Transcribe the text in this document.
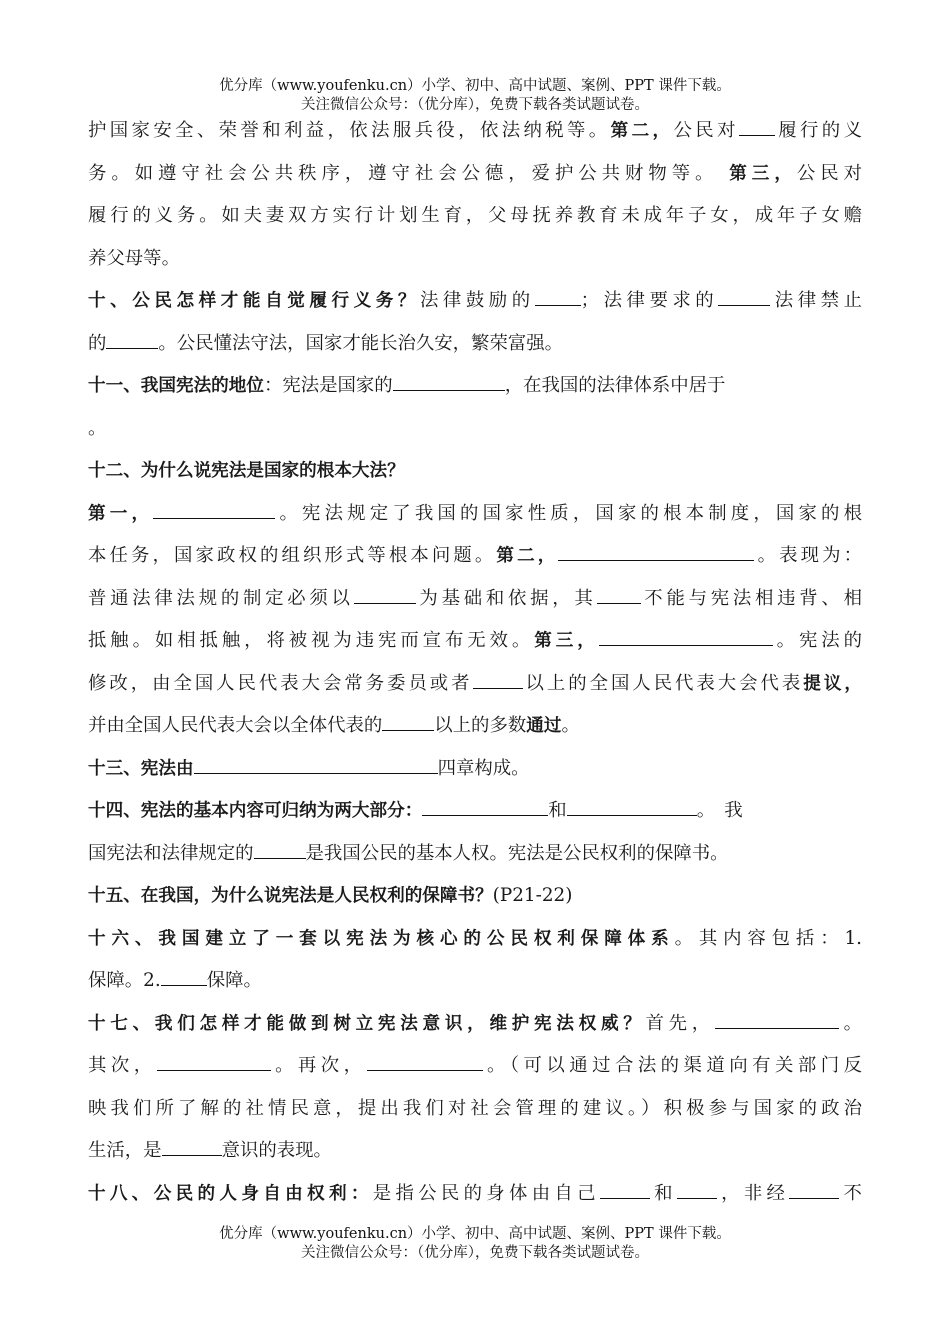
优分库（www.youfenku.cn）小学、初中、高中试题、案例、PPT 课件下载。
关注微信公众号：（优分库），免费下载各类试题试卷。
护国家安全、荣誉和利益，依法服兵役，依法纳税等。第二，公民对 履行的义
务。如遵守社会公共秩序，遵守社会公德，爱护公共财物等。 第三，公民对
履行的义务。如夫妻双方实行计划生育，父母抚养教育未成年子女，成年子女赡
养父母等。
十、公民怎样才能自觉履行义务？法律鼓励的	；法律要求的	法律禁止
的	。公民懂法守法，国家才能长治久安，繁荣富强。
十一、我国宪法的地位：宪法是国家的	，在我国的法律体系中居于
。
十二、为什么说宪法是国家的根本大法？
第一，	。宪法规定了我国的国家性质，国家的根本制度，国家的根
本任务，国家政权的组织形式等根本问题。第二，	。表现为：
普通法律法规的制定必须以	为基础和依据，其 不能与宪法相违背、相
抵触。如相抵触，将被视为违宪而宣布无效。第三，	。宪法的
修改，由全国人民代表大会常务委员或者	以上的全国人民代表大会代表提议，
并由全国人民代表大会以全体代表的	以上的多数通过。
十三、宪法由	四章构成。
十四、宪法的基本内容可归纳为两大部分：	和	。　我
国宪法和法律规定的	是我国公民的基本人权。宪法是公民权利的保障书。
十五、在我国，为什么说宪法是人民权利的保障书？(P21-22)
十六、我国建立了一套以宪法为核心的公民权利保障体系。其内容包括：1.
保障。2.	保障。
十七、我们怎样才能做到树立宪法意识，维护宪法权威？首先，	。
其次，	。再次，	。（可以通过合法的渠道向有关部门反
映我们所了解的社情民意，提出我们对社会管理的建议。）积极参与国家的政治
生活，是	意识的表现。
十八、公民的人身自由权利：是指公民的身体由自己	和 ，非经	不
优分库（www.youfenku.cn）小学、初中、高中试题、案例、PPT 课件下载。
关注微信公众号：（优分库），免费下载各类试题试卷。
